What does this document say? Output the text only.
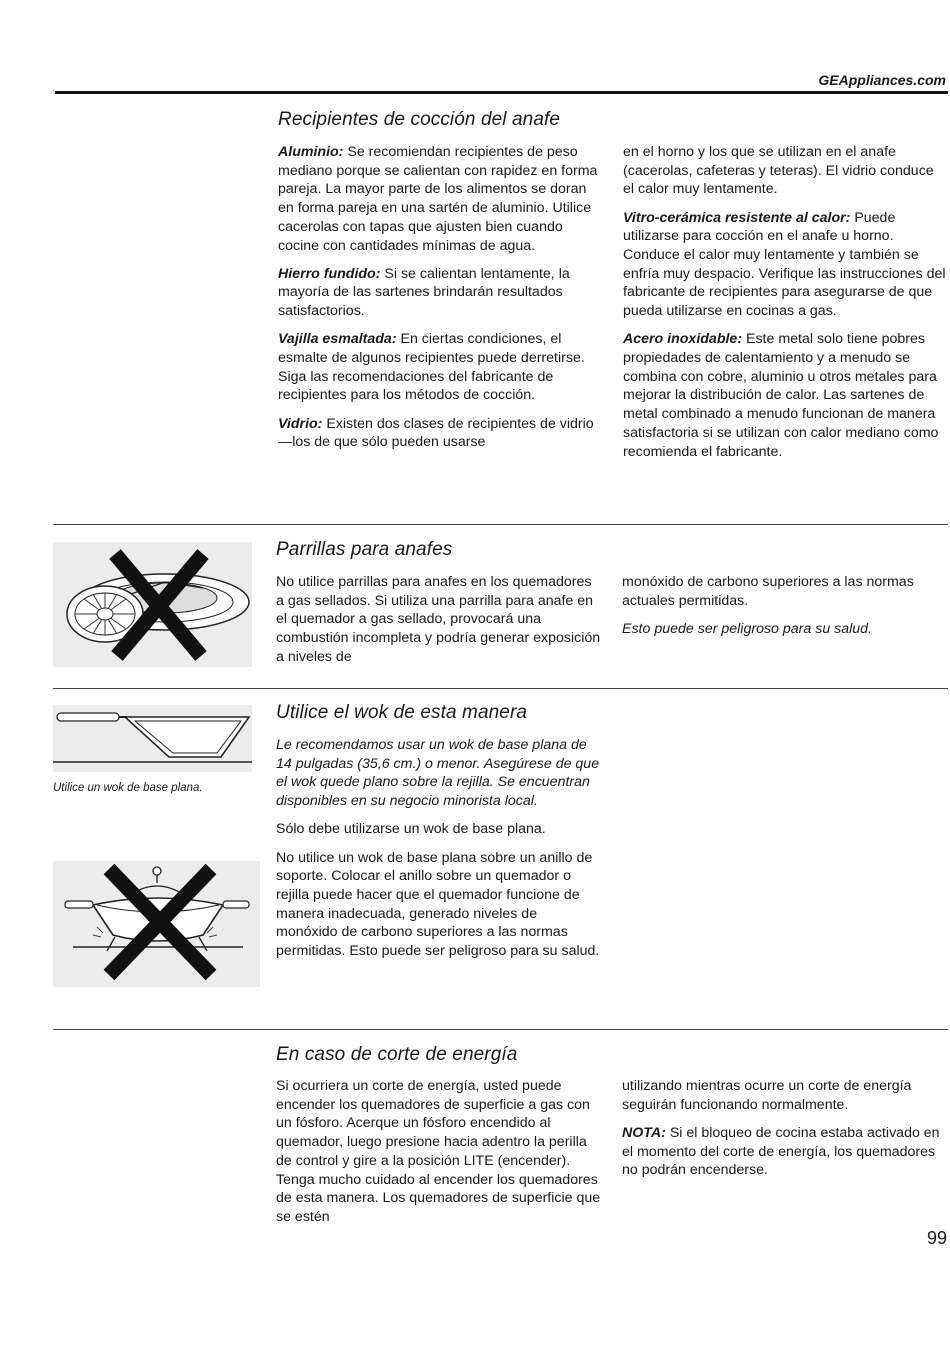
GEAppliances.com
Recipientes de cocción del anafe

Aluminio: Se recomiendan recipientes de peso mediano porque se calientan con rapidez en forma pareja. La mayor parte de los alimentos se doran en forma pareja en una sartén de aluminio. Utilice cacerolas con tapas que ajusten bien cuando cocine con cantidades mínimas de agua.

Hierro fundido: Si se calientan lentamente, la mayoría de las sartenes brindarán resultados satisfactorios.

Vajilla esmaltada: En ciertas condiciones, el esmalte de algunos recipientes puede derretirse. Siga las recomendaciones del fabricante de recipientes para los métodos de cocción.

Vidrio: Existen dos clases de recipientes de vidrio—los de que sólo pueden usarse

en el horno y los que se utilizan en el anafe (cacerolas, cafeteras y teteras). El vidrio conduce el calor muy lentamente.

Vitro-cerámica resistente al calor: Puede utilizarse para cocción en el anafe u horno. Conduce el calor muy lentamente y también se enfría muy despacio. Verifique las instrucciones del fabricante de recipientes para asegurarse de que pueda utilizarse en cocinas a gas.

Acero inoxidable: Este metal solo tiene pobres propiedades de calentamiento y a menudo se combina con cobre, aluminio u otros metales para mejorar la distribución de calor. Las sartenes de metal combinado a menudo funcionan de manera satisfactoria si se utilizan con calor mediano como recomienda el fabricante.

Parrillas para anafes

No utilice parrillas para anafes en los quemadores a gas sellados. Si utiliza una parrilla para anafe en el quemador a gas sellado, provocará una combustión incompleta y podría generar exposición a niveles de

monóxido de carbono superiores a las normas actuales permitidas.

Esto puede ser peligroso para su salud.

Utilice un wok de base plana.
Utilice el wok de esta manera

Le recomendamos usar un wok de base plana de 14 pulgadas (35,6 cm.) o menor. Asegúrese de que el wok quede plano sobre la rejilla. Se encuentran disponibles en su negocio minorista local.

Sólo debe utilizarse un wok de base plana.

No utilice un wok de base plana sobre un anillo de soporte. Colocar el anillo sobre un quemador o rejilla puede hacer que el quemador funcione de manera inadecuada, generado niveles de monóxido de carbono superiores a las normas permitidas. Esto puede ser peligroso para su salud.

En caso de corte de energía

Si ocurriera un corte de energía, usted puede encender los quemadores de superficie a gas con un fósforo. Acerque un fósforo encendido al quemador, luego presione hacia adentro la perilla de control y gire a la posición LITE (encender). Tenga mucho cuidado al encender los quemadores de esta manera. Los quemadores de superficie que se estén

utilizando mientras ocurre un corte de energía seguirán funcionando normalmente.

NOTA: Si el bloqueo de cocina estaba activado en el momento del corte de energía, los quemadores no podrán encenderse.

99
